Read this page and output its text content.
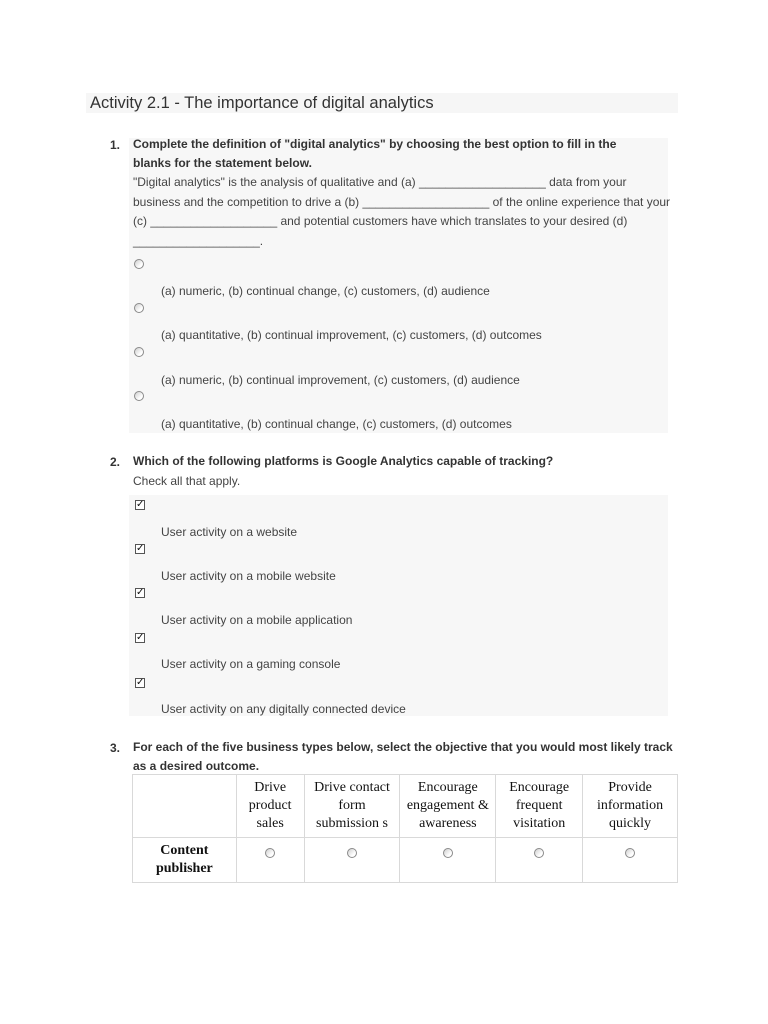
Activity 2.1 - The importance of digital analytics
1. Complete the definition of "digital analytics" by choosing the best option to fill in the blanks for the statement below.
"Digital analytics" is the analysis of qualitative and (a) ___________________ data from your business and the competition to drive a (b) ___________________ of the online experience that your (c) ___________________ and potential customers have which translates to your desired (d) ___________________.
(a) numeric, (b) continual change, (c) customers, (d) audience
(a) quantitative, (b) continual improvement, (c) customers, (d) outcomes
(a) numeric, (b) continual improvement, (c) customers, (d) audience
(a) quantitative, (b) continual change, (c) customers, (d) outcomes
2. Which of the following platforms is Google Analytics capable of tracking?
Check all that apply.
✓
User activity on a website
✓
User activity on a mobile website
✓
User activity on a mobile application
✓
User activity on a gaming console
✓
User activity on any digitally connected device
3. For each of the five business types below, select the objective that you would most likely track as a desired outcome.
	Drive product sales	Drive contact form submission s	Encourage engagement & awareness	Encourage frequent visitation	Provide information quickly
Content publisher					
